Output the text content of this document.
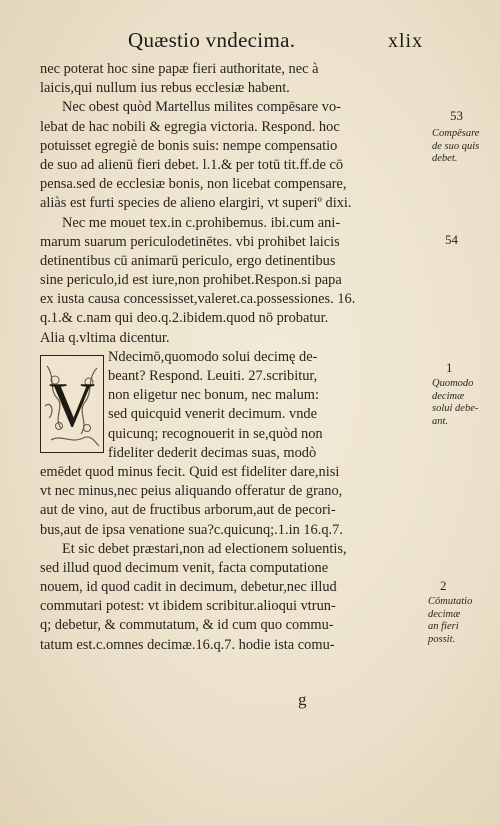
Quæstio vndecima.	xlix
nec poterat hoc sine papæ fieri authoritate, nec à
laicis,qui nullum ius rebus ecclesiæ habent.
Nec obest quòd Martellus milites compēsare vo-
lebat de hac nobili & egregia victoria. Respond. hoc
potuisset egregiè de bonis suis: nempe compensatio
de suo ad alienū fieri debet. l.1.& per totū tit.ff.de cō
pensa.sed de ecclesiæ bonis, non licebat compensare,
aliàs est furti species de alieno elargiri, vt superiº dixi.
Nec me mouet tex.in c.prohibemus. ibi.cum ani-
marum suarum periculodetinētes. vbi prohibet laicis
detinentibus cū animarū periculo, ergo detinentibus
sine periculo,id est iure,non prohibet.Respon.si papa
ex iusta causa concessisset,valeret.ca.possessiones. 16.
q.1.& c.nam qui deo.q.2.ibidem.quod nō probatur.
Alia q.vltima dicentur.
Ndecimō,quomodo solui decimę de-
beant? Respond. Leuiti. 27.scribitur,
non eligetur nec bonum, nec malum:
sed quicquid venerit decimum. vnde
quicunq; recognouerit in se,quòd non
fideliter dederit decimas suas, modò
emēdet quod minus fecit. Quid est fideliter dare,nisi
vt nec minus,nec peius aliquando offeratur de grano,
aut de vino, aut de fructibus arborum,aut de pecori-
bus,aut de ipsa venatione sua?c.quicunq;.1.in 16.q.7.
Et sic debet præstari,non ad electionem soluentis,
sed illud quod decimum venit, facta computatione
nouem, id quod cadit in decimum, debetur,nec illud
commutari potest: vt ibidem scribitur.alioqui vtrun-
q; debetur, & commutatum, & id cum quo commu-
tatum est.c.omnes decimæ.16.q.7. hodie ista comu-
V
53
Compēsare
de suo quis
debet.
54
1
Quomodo
decimæ
solui debe-
ant.
2
Cōmutatio
decimæ
an fieri
possit.
g
